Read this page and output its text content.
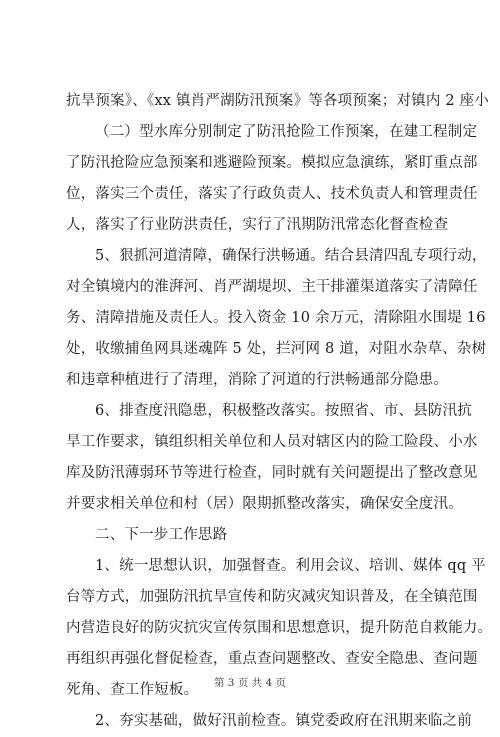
抗旱预案》、《xx 镇肖严湖防汛预案》等各项预案；对镇内 2 座小
（二）型水库分别制定了防汛抢险工作预案，在建工程制定
了防汛抢险应急预案和逃避险预案。模拟应急演练，紧盯重点部
位，落实三个责任，落实了行政负责人、技术负责人和管理责任
人，落实了行业防洪责任，实行了汛期防汛常态化督查检查
5、狠抓河道清障，确保行洪畅通。结合县清四乱专项行动，
对全镇境内的淮湃河、肖严湖堤坝、主干排灌渠道落实了清障任
务、清障措施及责任人。投入资金 10 余万元，清除阻水围堤 16
处，收缴捕鱼网具迷魂阵 5 处，拦河网 8 道，对阻水杂草、杂树
和违章种植进行了清理，消除了河道的行洪畅通部分隐患。
6、排查度汛隐患，积极整改落实。按照省、市、县防汛抗
旱工作要求，镇组织相关单位和人员对辖区内的险工险段、小水
库及防汛薄弱环节等进行检查，同时就有关问题提出了整改意见
并要求相关单位和村（居）限期抓整改落实，确保安全度汛。
二、下一步工作思路
1、统一思想认识，加强督查。利用会议、培训、媒体 qq 平
台等方式，加强防汛抗旱宣传和防灾减灾知识普及，在全镇范围
内营造良好的防灾抗灾宣传氛围和思想意识，提升防范自救能力。
再组织再强化督促检查，重点查问题整改、查安全隐患、查问题
死角、查工作短板。
2、夯实基础，做好汛前检查。镇党委政府在汛期来临之前
第 3 页 共 4 页
